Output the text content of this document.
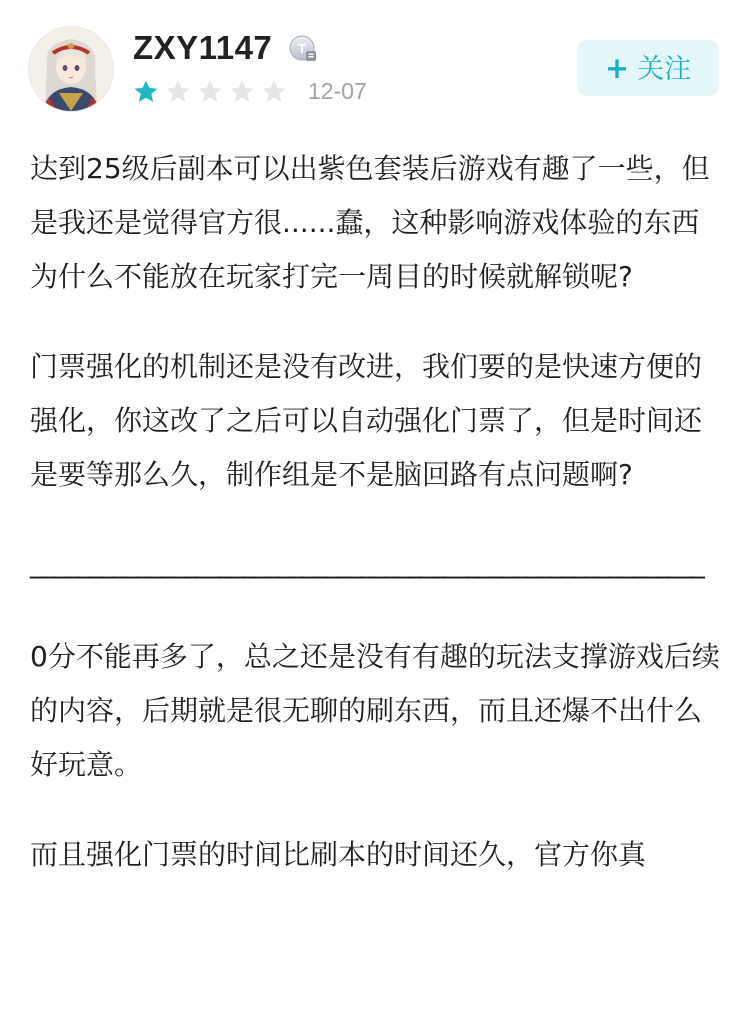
ZXY1147 T
12-07
+ 关注

达到25级后副本可以出紫色套装后游戏有趣了一些，但是我还是觉得官方很......蠢，这种影响游戏体验的东西为什么不能放在玩家打完一周目的时候就解锁呢?

门票强化的机制还是没有改进，我们要的是快速方便的强化，你这改了之后可以自动强化门票了，但是时间还是要等那么久，制作组是不是脑回路有点问题啊?

_________________________________________________________

0分不能再多了，总之还是没有有趣的玩法支撑游戏后续的内容，后期就是很无聊的刷东西，而且还爆不出什么好玩意。

而且强化门票的时间比刷本的时间还久，官方你真
